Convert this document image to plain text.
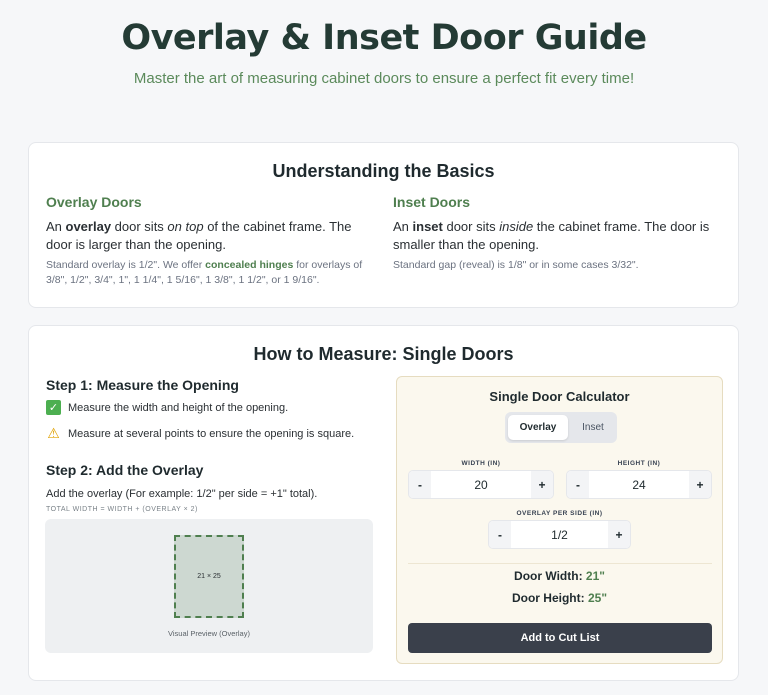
Overlay & Inset Door Guide
Master the art of measuring cabinet doors to ensure a perfect fit every time!
Understanding the Basics
Overlay Doors
An overlay door sits on top of the cabinet frame. The door is larger than the opening.
Standard overlay is 1/2". We offer concealed hinges for overlays of 3/8", 1/2", 3/4", 1", 1 1/4", 1 5/16", 1 3/8", 1 1/2", or 1 9/16".
Inset Doors
An inset door sits inside the cabinet frame. The door is smaller than the opening.
Standard gap (reveal) is 1/8" or in some cases 3/32".
How to Measure: Single Doors
Step 1: Measure the Opening
✓ Measure the width and height of the opening.
⚠ Measure at several points to ensure the opening is square.
Step 2: Add the Overlay
Add the overlay (For example: 1/2" per side = +1" total).
TOTAL WIDTH = WIDTH + (OVERLAY × 2)
21 × 25
Visual Preview (Overlay)
Single Door Calculator
Overlay	Inset
WIDTH (IN)
-	20	+
HEIGHT (IN)
-	24	+
OVERLAY PER SIDE (IN)
-	1/2	+
Door Width: 21"
Door Height: 25"
Add to Cut List
